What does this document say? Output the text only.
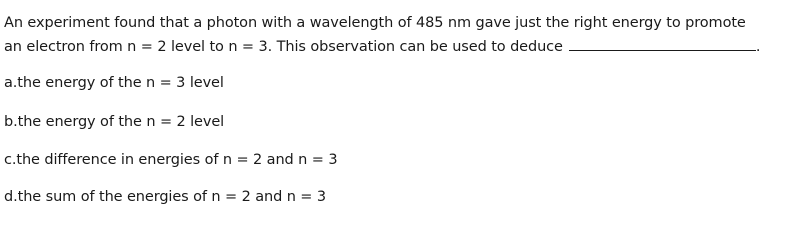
An experiment found that a photon with a wavelength of 485 nm gave just the right energy to promote
an electron from n = 2 level to n = 3. This observation can be used to deduce	.
a.the energy of the n = 3 level
b.the energy of the n = 2 level
c.the difference in energies of n = 2 and n = 3
d.the sum of the energies of n = 2 and n = 3
